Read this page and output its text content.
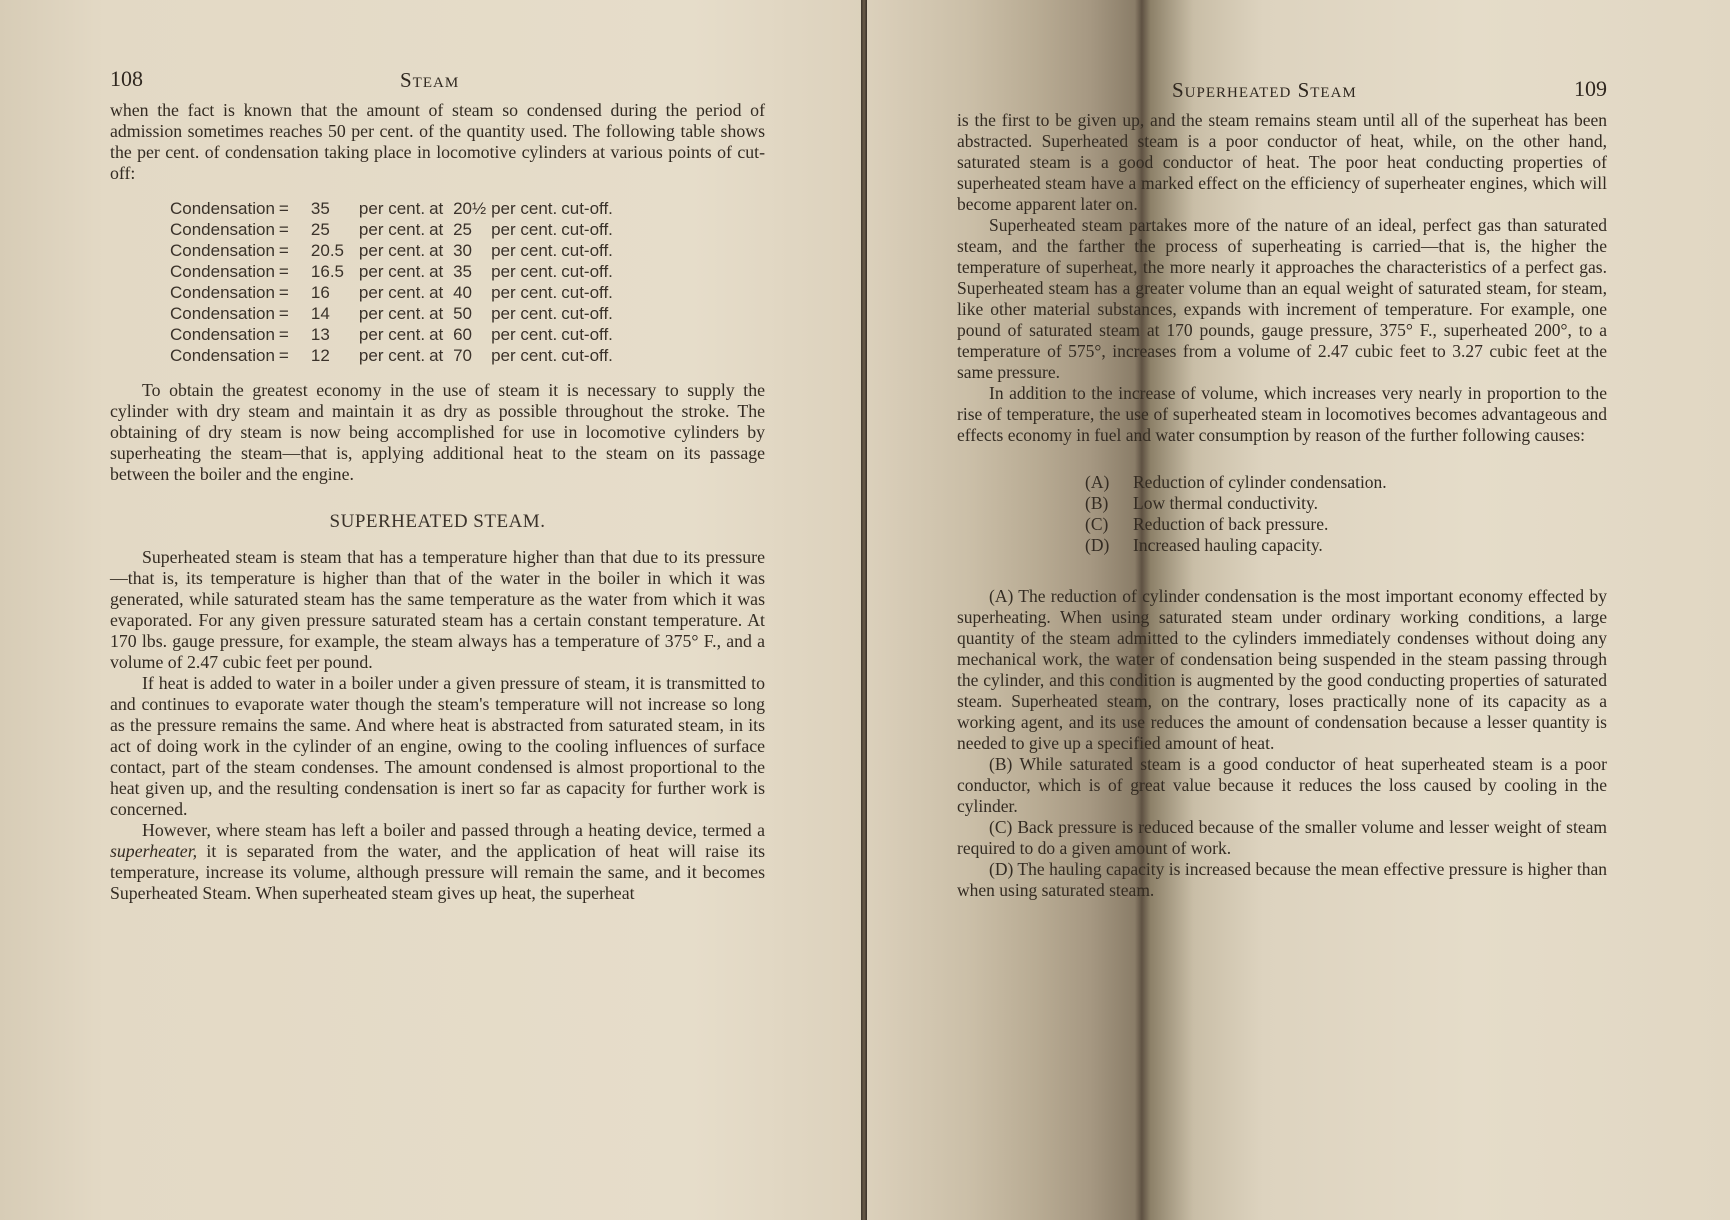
108	Steam

when the fact is known that the amount of steam so condensed during the period of admission sometimes reaches 50 per cent. of the quantity used. The following table shows the per cent. of condensation taking place in locomotive cylinders at various points of cut-off:

Condensation	=	35	per cent.	at	20½	per cent.	cut-off.
Condensation	=	25	per cent.	at	25	per cent.	cut-off.
Condensation	=	20.5	per cent.	at	30	per cent.	cut-off.
Condensation	=	16.5	per cent.	at	35	per cent.	cut-off.
Condensation	=	16	per cent.	at	40	per cent.	cut-off.
Condensation	=	14	per cent.	at	50	per cent.	cut-off.
Condensation	=	13	per cent.	at	60	per cent.	cut-off.
Condensation	=	12	per cent.	at	70	per cent.	cut-off.

To obtain the greatest economy in the use of steam it is necessary to supply the cylinder with dry steam and maintain it as dry as possible throughout the stroke. The obtaining of dry steam is now being accomplished for use in locomotive cylinders by superheating the steam—that is, applying additional heat to the steam on its passage between the boiler and the engine.

SUPERHEATED STEAM.

Superheated steam is steam that has a temperature higher than that due to its pressure—that is, its temperature is higher than that of the water in the boiler in which it was generated, while saturated steam has the same temperature as the water from which it was evaporated. For any given pressure saturated steam has a certain constant temperature. At 170 lbs. gauge pressure, for example, the steam always has a temperature of 375° F., and a volume of 2.47 cubic feet per pound.

If heat is added to water in a boiler under a given pressure of steam, it is transmitted to and continues to evaporate water though the steam's temperature will not increase so long as the pressure remains the same. And where heat is abstracted from saturated steam, in its act of doing work in the cylinder of an engine, owing to the cooling influences of surface contact, part of the steam condenses. The amount condensed is almost proportional to the heat given up, and the resulting condensation is inert so far as capacity for further work is concerned.

However, where steam has left a boiler and passed through a heating device, termed a superheater, it is separated from the water, and the application of heat will raise its temperature, increase its volume, although pressure will remain the same, and it becomes Superheated Steam. When superheated steam gives up heat, the superheat

Superheated Steam	109

is the first to be given up, and the steam remains steam until all of the superheat has been abstracted. Superheated steam is a poor conductor of heat, while, on the other hand, saturated steam is a good conductor of heat. The poor heat conducting properties of superheated steam have a marked effect on the efficiency of superheater engines, which will become apparent later on.

Superheated steam partakes more of the nature of an ideal, perfect gas than saturated steam, and the farther the process of superheating is carried—that is, the higher the temperature of superheat, the more nearly it approaches the characteristics of a perfect gas. Superheated steam has a greater volume than an equal weight of saturated steam, for steam, like other material substances, expands with increment of temperature. For example, one pound of saturated steam at 170 pounds, gauge pressure, 375° F., superheated 200°, to a temperature of 575°, increases from a volume of 2.47 cubic feet to 3.27 cubic feet at the same pressure.

In addition to the increase of volume, which increases very nearly in proportion to the rise of temperature, the use of superheated steam in locomotives becomes advantageous and effects economy in fuel and water consumption by reason of the further following causes:

(A) Reduction of cylinder condensation.
(B) Low thermal conductivity.
(C) Reduction of back pressure.
(D) Increased hauling capacity.

(A) The reduction of cylinder condensation is the most important economy effected by superheating. When using saturated steam under ordinary working conditions, a large quantity of the steam admitted to the cylinders immediately condenses without doing any mechanical work, the water of condensation being suspended in the steam passing through the cylinder, and this condition is augmented by the good conducting properties of saturated steam. Superheated steam, on the contrary, loses practically none of its capacity as a working agent, and its use reduces the amount of condensation because a lesser quantity is needed to give up a specified amount of heat.

(B) While saturated steam is a good conductor of heat superheated steam is a poor conductor, which is of great value because it reduces the loss caused by cooling in the cylinder.

(C) Back pressure is reduced because of the smaller volume and lesser weight of steam required to do a given amount of work.

(D) The hauling capacity is increased because the mean effective pressure is higher than when using saturated steam.
